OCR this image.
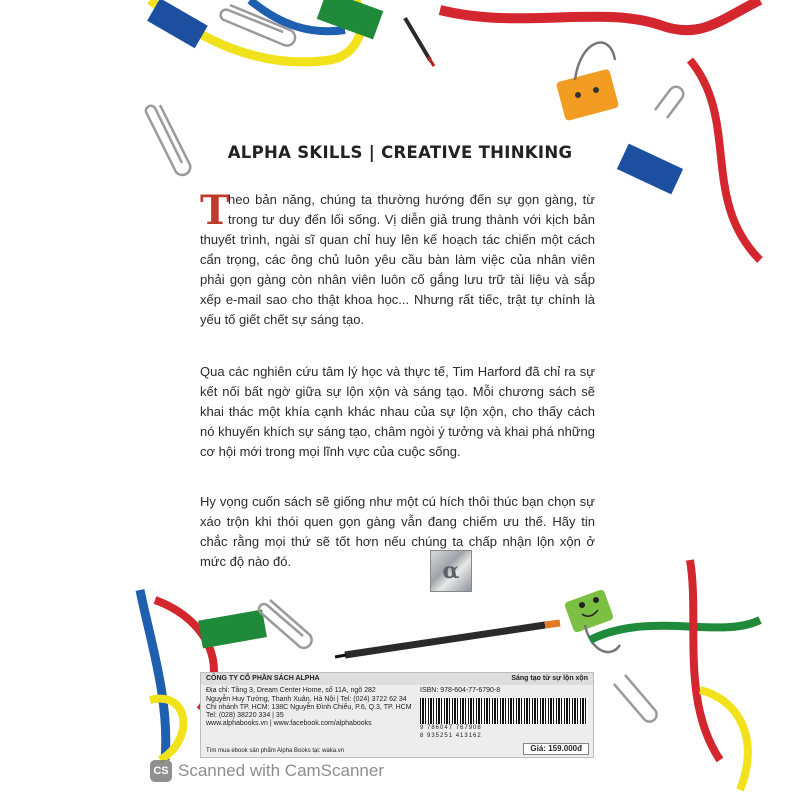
ALPHA SKILLS | CREATIVE THINKING

T
heo bản năng, chúng ta thường hướng đến sự gọn gàng, từ trong tư duy đến lối sống. Vị diễn giả trung thành với kịch bản thuyết trình, ngài sĩ quan chỉ huy lên kế hoạch tác chiến một cách cẩn trọng, các ông chủ luôn yêu cầu bàn làm việc của nhân viên phải gọn gàng còn nhân viên luôn cố gắng lưu trữ tài liệu và sắp xếp e-mail sao cho thật khoa học... Nhưng rất tiếc, trật tự chính là yếu tố giết chết sự sáng tạo.

Qua các nghiên cứu tâm lý học và thực tế, Tim Harford đã chỉ ra sự kết nối bất ngờ giữa sự lộn xộn và sáng tạo. Mỗi chương sách sẽ khai thác một khía cạnh khác nhau của sự lộn xộn, cho thấy cách nó khuyến khích sự sáng tạo, châm ngòi ý tưởng và khai phá những cơ hội mới trong mọi lĩnh vực của cuộc sống.

Hy vọng cuốn sách sẽ giống như một cú hích thôi thúc bạn chọn sự xáo trộn khi thói quen gọn gàng vẫn đang chiếm ưu thế. Hãy tin chắc rằng mọi thứ sẽ tốt hơn nếu chúng ta chấp nhận lộn xộn ở mức độ nào đó.	α
CÔNG TY CỔ PHẦN SÁCH ALPHA	Sáng tạo từ sự lộn xộn
Địa chỉ: Tầng 3, Dream Center Home, số 11A, ngõ 282
Nguyễn Huy Tưởng, Thanh Xuân, Hà Nội | Tel: (024) 3722 62 34
Chi nhánh TP. HCM: 138C Nguyễn Đình Chiểu, P.6, Q.3, TP. HCM
Tel: (028) 38220 334 | 35
www.alphabooks.vn | www.facebook.com/alphabooks
ISBN: 978-604-77-6790-8
9 786047 767908
8 935251 413162
Tìm mua ebook sản phẩm Alpha Books tại: waka.vn	Giá: 159.000đ
CS Scanned with CamScanner
